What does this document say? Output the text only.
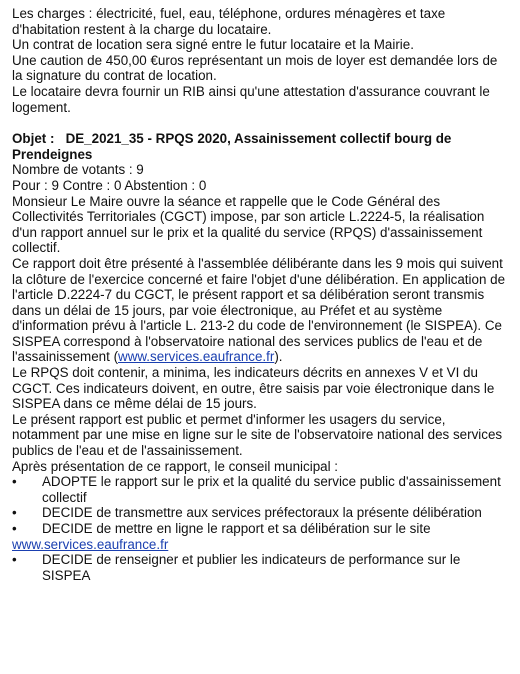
Les charges : électricité, fuel, eau, téléphone, ordures ménagères et taxe d'habitation restent à la charge du locataire.

Un contrat de location sera signé entre le futur locataire et la Mairie.

Une caution de 450,00 €uros représentant un mois de loyer est demandée lors de la signature du contrat de location.

Le locataire devra fournir un RIB ainsi qu'une attestation d'assurance couvrant le logement.

Objet : DE_2021_35 - RPQS 2020, Assainissement collectif bourg de Prendeignes

Nombre de votants : 9

Pour : 9 Contre : 0 Abstention : 0

Monsieur Le Maire ouvre la séance et rappelle que le Code Général des Collectivités Territoriales (CGCT) impose, par son article L.2224-5, la réalisation d'un rapport annuel sur le prix et la qualité du service (RPQS) d'assainissement collectif.

Ce rapport doit être présenté à l'assemblée délibérante dans les 9 mois qui suivent la clôture de l'exercice concerné et faire l'objet d'une délibération. En application de l'article D.2224-7 du CGCT, le présent rapport et sa délibération seront transmis dans un délai de 15 jours, par voie électronique, au Préfet et au système d'information prévu à l'article L. 213-2 du code de l'environnement (le SISPEA). Ce SISPEA correspond à l'observatoire national des services publics de l'eau et de l'assainissement (www.services.eaufrance.fr).

Le RPQS doit contenir, a minima, les indicateurs décrits en annexes V et VI du CGCT. Ces indicateurs doivent, en outre, être saisis par voie électronique dans le SISPEA dans ce même délai de 15 jours.

Le présent rapport est public et permet d'informer les usagers du service, notamment par une mise en ligne sur le site de l'observatoire national des services publics de l'eau et de l'assainissement.

Après présentation de ce rapport, le conseil municipal :

•	ADOPTE le rapport sur le prix et la qualité du service public d'assainissement collectif
•	DECIDE de transmettre aux services préfectoraux la présente délibération
•	DECIDE de mettre en ligne le rapport et sa délibération sur le site

www.services.eaufrance.fr

•	DECIDE de renseigner et publier les indicateurs de performance sur le SISPEA
